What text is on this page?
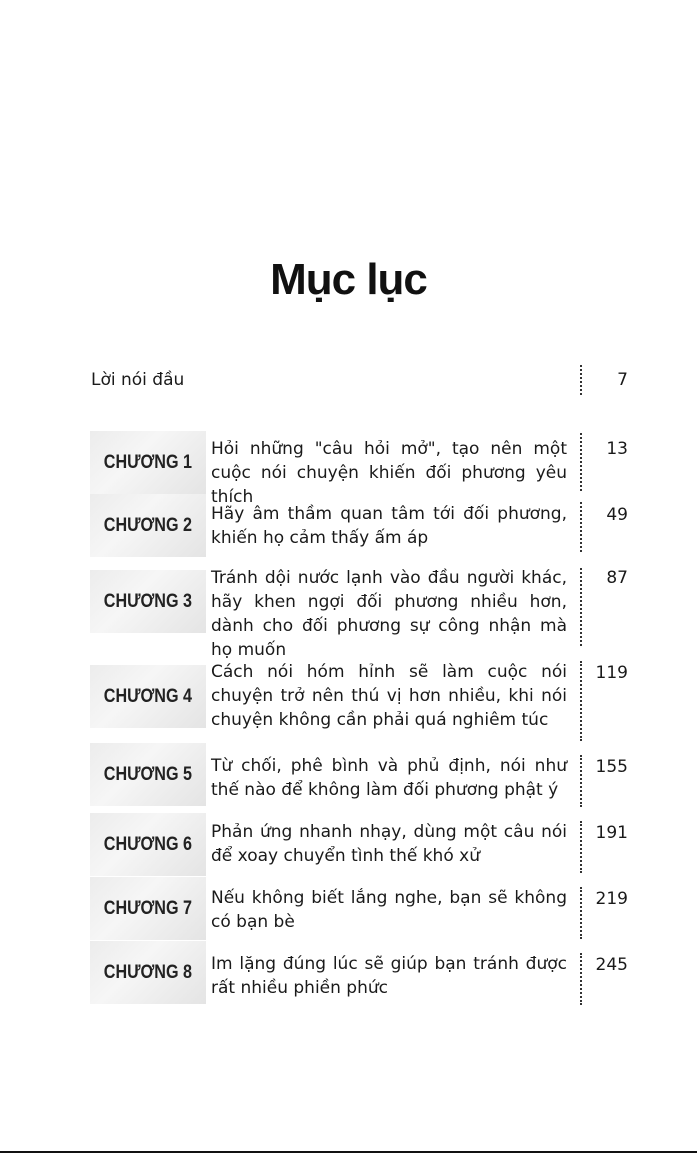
Mục lục
Lời nói đầu	7
CHƯƠNG 1
Hỏi những "câu hỏi mở", tạo nên một cuộc nói chuyện khiến đối phương yêu thích
13
CHƯƠNG 2
Hãy âm thầm quan tâm tới đối phương, khiến họ cảm thấy ấm áp
49
CHƯƠNG 3
Tránh dội nước lạnh vào đầu người khác, hãy khen ngợi đối phương nhiều hơn, dành cho đối phương sự công nhận mà họ muốn
87
CHƯƠNG 4
Cách nói hóm hỉnh sẽ làm cuộc nói chuyện trở nên thú vị hơn nhiều, khi nói chuyện không cần phải quá nghiêm túc
119
CHƯƠNG 5 Từ chối, phê bình và phủ định, nói như thế nào để không làm đối phương phật ý
155
CHƯƠNG 6
Phản ứng nhanh nhạy, dùng một câu nói để xoay chuyển tình thế khó xử
191
CHƯƠNG 7 Nếu không biết lắng nghe, bạn sẽ không có bạn bè
219
CHƯƠNG 8 Im lặng đúng lúc sẽ giúp bạn tránh được rất nhiều phiền phức
245
